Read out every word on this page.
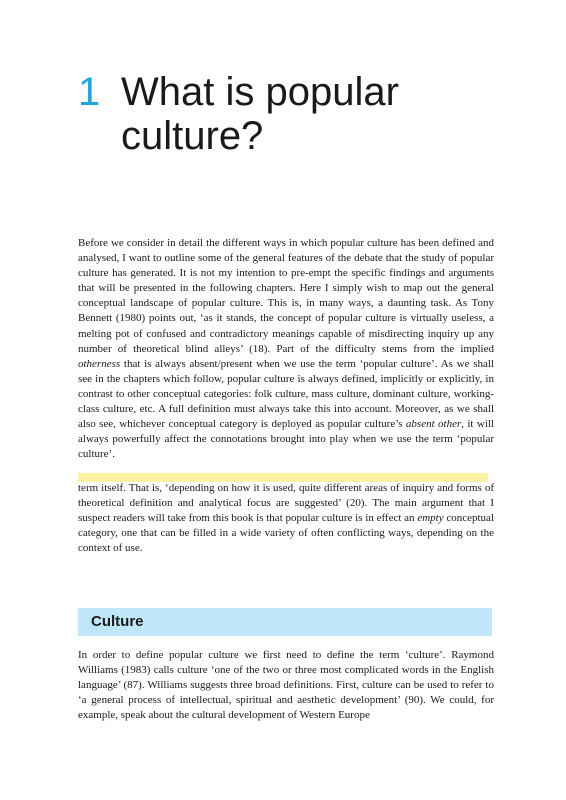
1 What is popular culture?

Before we consider in detail the different ways in which popular culture has been defined and analysed, I want to outline some of the general features of the debate that the study of popular culture has generated. It is not my intention to pre-empt the specific findings and arguments that will be presented in the following chapters. Here I simply wish to map out the general conceptual landscape of popular culture. This is, in many ways, a daunting task. As Tony Bennett (1980) points out, ‘as it stands, the concept of popular culture is virtually useless, a melting pot of confused and contradictory meanings capable of misdirecting inquiry up any number of theoretical blind alleys’ (18). Part of the difficulty stems from the implied otherness that is always absent/present when we use the term ‘popular culture’. As we shall see in the chapters which follow, popular culture is always defined, implicitly or explicitly, in contrast to other conceptual categories: folk culture, mass culture, dominant culture, working-class culture, etc. A full definition must always take this into account. Moreover, as we shall also see, whichever conceptual category is deployed as popular culture’s absent other, it will always powerfully affect the connotations brought into play when we use the term ‘popular culture’.

term itself. That is, ‘depending on how it is used, quite different areas of inquiry and forms of theoretical definition and analytical focus are suggested’ (20). The main argument that I suspect readers will take from this book is that popular culture is in effect an empty conceptual category, one that can be filled in a wide variety of often conflicting ways, depending on the context of use.

Culture

In order to define popular culture we first need to define the term ‘culture’. Raymond Williams (1983) calls culture ‘one of the two or three most complicated words in the English language’ (87). Williams suggests three broad definitions. First, culture can be used to refer to ‘a general process of intellectual, spiritual and aesthetic development’ (90). We could, for example, speak about the cultural development of Western Europe
